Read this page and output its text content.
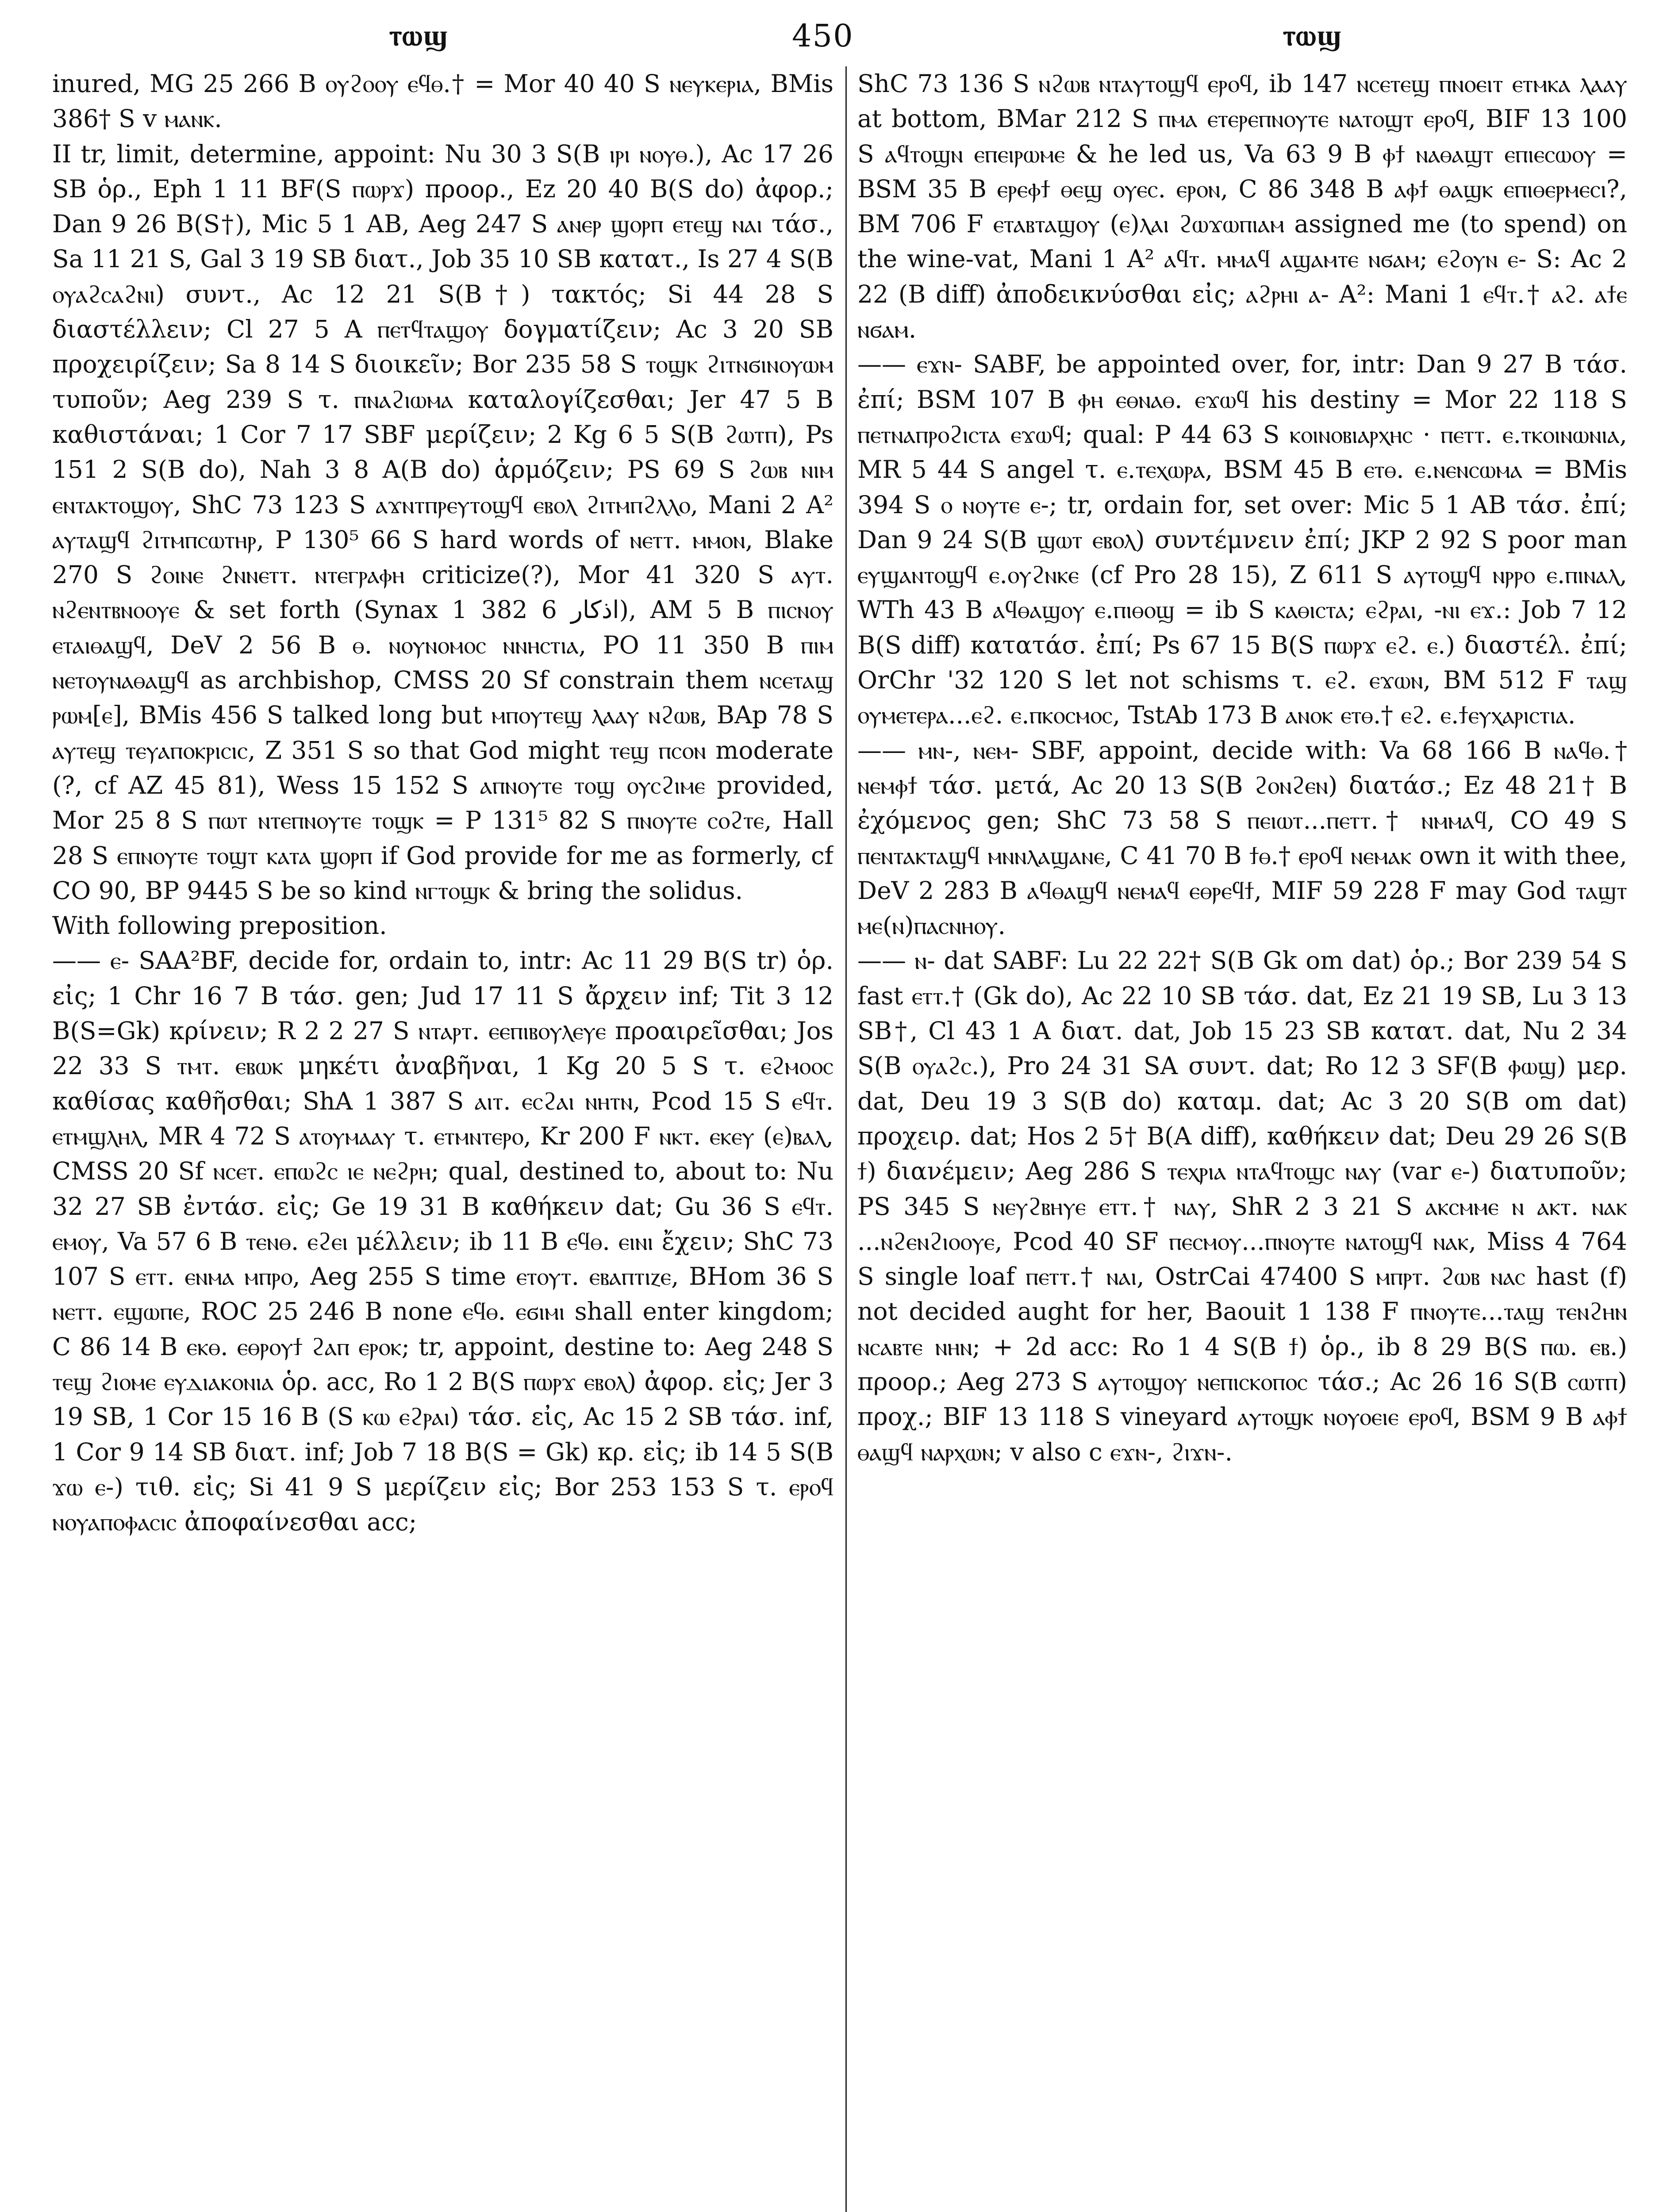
ⲧⲱϣ	450	ⲧⲱϣ

inured, MG 25 266 B ⲟⲩϩⲟⲟⲩ ⲉϥⲑ.† = Mor 40 40 S ⲛⲉⲩⲕⲉⲣⲓⲁ, BMis 386† S v ⲙⲁⲛⲕ.

II tr, limit, determine, appoint: Nu 30 3 S(B ⲓⲣⲓ ⲛⲟⲩⲑ.), Ac 17 26 SB ὁρ., Eph 1 11 BF(S ⲡⲱⲣϫ) προορ., Ez 20 40 B(S do) ἀφορ.; Dan 9 26 B(S†), Mic 5 1 AB, Aeg 247 S ⲁⲛⲉⲣ ϣⲟⲣⲡ ⲉⲧⲉϣ ⲛⲁⲓ τάσ., Sa 11 21 S, Gal 3 19 SB διατ., Job 35 10 SB κατατ., Is 27 4 S(B ⲟⲩⲁϩⲥⲁϩⲛⲓ) συντ., Ac 12 21 S(B†) τακτός; Si 44 28 S διαστέλλειν; Cl 27 5 A ⲡⲉⲧϥⲧⲁϣⲟⲩ δογματίζειν; Ac 3 20 SB προχειρίζειν; Sa 8 14 S διοικεῖν; Bor 235 58 S ⲧⲟϣⲕ ϩⲓⲧⲛϭⲓⲛⲟⲩⲱⲙ τυποῦν; Aeg 239 S τ. ⲡⲛⲁϩⲓⲱⲙⲁ καταλογίζεσθαι; Jer 47 5 B καθιστάναι; 1 Cor 7 17 SBF μερίζειν; 2 Kg 6 5 S(B ϩⲱⲧⲡ), Ps 151 2 S(B do), Nah 3 8 A(B do) ἁρμόζειν; PS 69 S ϩⲱⲃ ⲛⲓⲙ ⲉⲛⲧⲁⲕⲧⲟϣⲟⲩ, ShC 73 123 S ⲁϫⲛⲧⲡⲣⲉⲩⲧⲟϣϥ ⲉⲃⲟⲗ ϩⲓⲧⲙⲡϩⲗⲗⲟ, Mani 2 A² ⲁⲩⲧⲁϣϥ ϩⲓⲧⲙⲡⲥⲱⲧⲏⲣ, P 130⁵ 66 S hard words of ⲛⲉⲧⲧ. ⲙⲙⲟⲛ, Blake 270 S ϩⲟⲓⲛⲉ ϩⲛⲛⲉⲧⲧ. ⲛⲧⲉⲅⲣⲁⲫⲏ criticize(?), Mor 41 320 S ⲁⲩⲧ. ⲛϩⲉⲛⲧⲃⲛⲟⲟⲩⲉ & set forth (Synax 1 382 6 اذكار), AM 5 B ⲡⲓⲥⲛⲟⲩ ⲉⲧⲁⲓⲑⲁϣϥ, DeV 2 56 B ⲑ. ⲛⲟⲩⲛⲟⲙⲟⲥ ⲛⲛⲏⲥⲧⲓⲁ, PO 11 350 B ⲡⲓⲙ ⲛⲉⲧⲟⲩⲛⲁⲑⲁϣϥ as archbishop, CMSS 20 Sf constrain them ⲛⲥⲉⲧⲁϣ ⲣⲱⲙ[ⲉ], BMis 456 S talked long but ⲙⲡⲟⲩⲧⲉϣ ⲗⲁⲁⲩ ⲛϩⲱⲃ, BAp 78 S ⲁⲩⲧⲉϣ ⲧⲉⲩⲁⲡⲟⲕⲣⲓⲥⲓⲥ, Z 351 S so that God might ⲧⲉϣ ⲡⲥⲟⲛ moderate (?, cf AZ 45 81), Wess 15 152 S ⲁⲡⲛⲟⲩⲧⲉ ⲧⲟϣ ⲟⲩⲥϩⲓⲙⲉ provided, Mor 25 8 S ⲡⲱⲧ ⲛⲧⲉⲡⲛⲟⲩⲧⲉ ⲧⲟϣⲕ = P 131⁵ 82 S ⲡⲛⲟⲩⲧⲉ ⲥⲟϩⲧⲉ, Hall 28 S ⲉⲡⲛⲟⲩⲧⲉ ⲧⲟϣⲧ ⲕⲁⲧⲁ ϣⲟⲣⲡ if God provide for me as formerly, cf CO 90, BP 9445 S be so kind ⲛⲅⲧⲟϣⲕ & bring the solidus.

With following preposition.

—— ⲉ- SAA²BF, decide for, ordain to, intr: Ac 11 29 B(S tr) ὁρ. εἰς; 1 Chr 16 7 B τάσ. gen; Jud 17 11 S ἄρχειν inf; Tit 3 12 B(S=Gk) κρίνειν; R 2 2 27 S ⲛⲧⲁⲣⲧ. ⲉⲉⲡⲓⲃⲟⲩⲗⲉⲩⲉ προαιρεῖσθαι; Jos 22 33 S ⲧⲙⲧ. ⲉⲃⲱⲕ μηκέτι ἀναβῆναι, 1 Kg 20 5 S τ. ⲉϩⲙⲟⲟⲥ καθίσας καθῆσθαι; ShA 1 387 S ⲁⲓⲧ. ⲉⲥϩⲁⲓ ⲛⲏⲧⲛ, Pcod 15 S ⲉϥⲧ. ⲉⲧⲙϣⲗⲏⲗ, MR 4 72 S ⲁⲧⲟⲩⲙⲁⲁⲩ τ. ⲉⲧⲙⲛⲧⲉⲣⲟ, Kr 200 F ⲛⲕⲧ. ⲉⲕⲉⲩ (ⲉ)ⲃⲁⲗ, CMSS 20 Sf ⲛⲥⲉⲧ. ⲉⲡⲱϩⲥ ⲓⲉ ⲛⲉϩⲣⲏ; qual, destined to, about to: Nu 32 27 SB ἐντάσ. εἰς; Ge 19 31 B καθήκειν dat; Gu 36 S ⲉϥⲧ. ⲉⲙⲟⲩ, Va 57 6 B ⲧⲉⲛⲑ. ⲉϩⲉⲓ μέλλειν; ib 11 B ⲉϥⲑ. ⲉⲓⲛⲓ ἔχειν; ShC 73 107 S ⲉⲧⲧ. ⲉⲛⲙⲁ ⲙⲡⲣⲟ, Aeg 255 S time ⲉⲧⲟⲩⲧ. ⲉⲃⲁⲡⲧⲓⲍⲉ, BHom 36 S ⲛⲉⲧⲧ. ⲉϣⲱⲡⲉ, ROC 25 246 B none ⲉϥⲑ. ⲉϭⲓⲙⲓ shall enter kingdom; C 86 14 B ⲉⲕⲑ. ⲉⲑⲣⲟⲩϯ ϩⲁⲡ ⲉⲣⲟⲕ; tr, appoint, destine to: Aeg 248 S ⲧⲉϣ ϩⲓⲟⲙⲉ ⲉⲩⲇⲓⲁⲕⲟⲛⲓⲁ ὁρ. acc, Ro 1 2 B(S ⲡⲱⲣϫ ⲉⲃⲟⲗ) ἀφορ. εἰς; Jer 3 19 SB, 1 Cor 15 16 B (S ⲕⲱ ⲉϩⲣⲁⲓ) τάσ. εἰς, Ac 15 2 SB τάσ. inf, 1 Cor 9 14 SB διατ. inf; Job 7 18 B(S = Gk) κρ. εἰς; ib 14 5 S(B ϫⲱ ⲉ-) τιθ. εἰς; Si 41 9 S μερίζειν εἰς; Bor 253 153 S τ. ⲉⲣⲟϥ ⲛⲟⲩⲁⲡⲟⲫⲁⲥⲓⲥ ἀποφαίνεσθαι acc;

ShC 73 136 S ⲛϩⲱⲃ ⲛⲧⲁⲩⲧⲟϣϥ ⲉⲣⲟϥ, ib 147 ⲛⲥⲉⲧⲉϣ ⲡⲛⲟⲉⲓⲧ ⲉⲧⲙⲕⲁ ⲗⲁⲁⲩ at bottom, BMar 212 S ⲡⲙⲁ ⲉⲧⲉⲣⲉⲡⲛⲟⲩⲧⲉ ⲛⲁⲧⲟϣⲧ ⲉⲣⲟϥ, BIF 13 100 S ⲁϥⲧⲟϣⲛ ⲉⲡⲉⲓⲣⲱⲙⲉ & he led us, Va 63 9 B ⲫϯ ⲛⲁⲑⲁϣⲧ ⲉⲡⲓⲉⲥⲱⲟⲩ = BSM 35 B ⲉⲣⲉⲫϯ ⲑⲉϣ ⲟⲩⲉⲥ. ⲉⲣⲟⲛ, C 86 348 B ⲁⲫϯ ⲑⲁϣⲕ ⲉⲡⲓⲑⲉⲣⲙⲉⲥⲓ?, BM 706 F ⲉⲧⲁⲃⲧⲁϣⲟⲩ (ⲉ)ⲗⲁⲓ ϩⲱϫⲱⲡⲓⲁⲙ assigned me (to spend) on the wine-vat, Mani 1 A² ⲁϥⲧ. ⲙⲙⲁϥ ⲁϣⲁⲙⲧⲉ ⲛϭⲁⲙ; ⲉϩⲟⲩⲛ ⲉ- S: Ac 2 22 (B diff) ἀποδεικνύσθαι εἰς; ⲁϩⲣⲏⲓ ⲁ- A²: Mani 1 ⲉϥⲧ.† ⲁϩ. ⲁϯⲉ ⲛϭⲁⲙ.

—— ⲉϫⲛ- SABF, be appointed over, for, intr: Dan 9 27 B τάσ. ἐπί; BSM 107 B ⲫⲏ ⲉⲑⲛⲁⲑ. ⲉϫⲱϥ his destiny = Mor 22 118 S ⲡⲉⲧⲛⲁⲡⲣⲟϩⲓⲥⲧⲁ ⲉϫⲱϥ; qual: P 44 63 S ⲕⲟⲓⲛⲟⲃⲓⲁⲣⲭⲏⲥ · ⲡⲉⲧⲧ. ⲉ.ⲧⲕⲟⲓⲛⲱⲛⲓⲁ, MR 5 44 S angel τ. ⲉ.ⲧⲉⲭⲱⲣⲁ, BSM 45 B ⲉⲧⲑ. ⲉ.ⲛⲉⲛⲥⲱⲙⲁ = BMis 394 S ⲟ ⲛⲟⲩⲧⲉ ⲉ-; tr, ordain for, set over: Mic 5 1 AB τάσ. ἐπί; Dan 9 24 S(B ϣⲱⲧ ⲉⲃⲟⲗ) συντέμνειν ἐπί; JKP 2 92 S poor man ⲉⲩϣⲁⲛⲧⲟϣϥ ⲉ.ⲟⲩϩⲛⲕⲉ (cf Pro 28 15), Z 611 S ⲁⲩⲧⲟϣϥ ⲛⲣⲣⲟ ⲉ.ⲡⲓⲛⲁⲗ, WTh 43 B ⲁϥⲑⲁϣⲟⲩ ⲉ.ⲡⲓⲑⲟϣ = ib S ⲕⲁⲑⲓⲥⲧⲁ; ⲉϩⲣⲁⲓ, -ⲛⲓ ⲉϫ.: Job 7 12 B(S diff) κατατάσ. ἐπί; Ps 67 15 B(S ⲡⲱⲣϫ ⲉϩ. ⲉ.) διαστέλ. ἐπί; OrChr '32 120 S let not schisms τ. ⲉϩ. ⲉϫⲱⲛ, BM 512 F ⲧⲁϣ ⲟⲩⲙⲉⲧⲉⲣⲁ...ⲉϩ. ⲉ.ⲡⲕⲟⲥⲙⲟⲥ, TstAb 173 B ⲁⲛⲟⲕ ⲉⲧⲑ.† ⲉϩ. ⲉ.ϯⲉⲩⲭⲁⲣⲓⲥⲧⲓⲁ.

—— ⲙⲛ-, ⲛⲉⲙ- SBF, appoint, decide with: Va 68 166 B ⲛⲁϥⲑ.† ⲛⲉⲙⲫϯ τάσ. μετά, Ac 20 13 S(B ϩⲟⲛϩⲉⲛ) διατάσ.; Ez 48 21† B ἐχόμενος gen; ShC 73 58 S ⲡⲉⲓⲱⲧ...ⲡⲉⲧⲧ.† ⲛⲙⲙⲁϥ, CO 49 S ⲡⲉⲛⲧⲁⲕⲧⲁϣϥ ⲙⲛⲛⲗⲁϣⲁⲛⲉ, C 41 70 B ϯⲑ.† ⲉⲣⲟϥ ⲛⲉⲙⲁⲕ own it with thee, DeV 2 283 B ⲁϥⲑⲁϣϥ ⲛⲉⲙⲁϥ ⲉⲑⲣⲉϥϯ, MIF 59 228 F may God ⲧⲁϣⲧ ⲙⲉ(ⲛ)ⲡⲁⲥⲛⲏⲟⲩ.

—— ⲛ- dat SABF: Lu 22 22† S(B Gk om dat) ὁρ.; Bor 239 54 S fast ⲉⲧⲧ.† (Gk do), Ac 22 10 SB τάσ. dat, Ez 21 19 SB, Lu 3 13 SB†, Cl 43 1 A διατ. dat, Job 15 23 SB κατατ. dat, Nu 2 34 S(B ⲟⲩⲁϩⲥ.), Pro 24 31 SA συντ. dat; Ro 12 3 SF(B ⲫⲱϣ) μερ. dat, Deu 19 3 S(B do) καταμ. dat; Ac 3 20 S(B om dat) προχειρ. dat; Hos 2 5† B(A diff), καθήκειν dat; Deu 29 26 S(B ϯ) διανέμειν; Aeg 286 S ⲧⲉⲭⲣⲓⲁ ⲛⲧⲁϥⲧⲟϣⲥ ⲛⲁⲩ (var ⲉ-) διατυποῦν; PS 345 S ⲛⲉⲩϩⲃⲏⲩⲉ ⲉⲧⲧ.† ⲛⲁⲩ, ShR 2 3 21 S ⲁⲕⲥⲙⲙⲉ ⲛ ⲁⲕⲧ. ⲛⲁⲕ ...ⲛϩⲉⲛϩⲓⲟⲟⲩⲉ, Pcod 40 SF ⲡⲉⲥⲙⲟⲩ...ⲡⲛⲟⲩⲧⲉ ⲛⲁⲧⲟϣϥ ⲛⲁⲕ, Miss 4 764 S single loaf ⲡⲉⲧⲧ.† ⲛⲁⲓ, OstrCai 47400 S ⲙⲡⲣⲧ. ϩⲱⲃ ⲛⲁⲥ hast (f) not decided aught for her, Baouit 1 138 F ⲡⲛⲟⲩⲧⲉ...ⲧⲁϣ ⲧⲉⲛϩⲏⲛ ⲛⲥⲁⲃⲧⲉ ⲛⲏⲛ; + 2d acc: Ro 1 4 S(B ϯ) ὁρ., ib 8 29 B(S ⲡⲱ. ⲉⲃ.) προορ.; Aeg 273 S ⲁⲩⲧⲟϣⲟⲩ ⲛⲉⲡⲓⲥⲕⲟⲡⲟⲥ τάσ.; Ac 26 16 S(B ⲥⲱⲧⲡ) προχ.; BIF 13 118 S vineyard ⲁⲩⲧⲟϣⲕ ⲛⲟⲩⲟⲉⲓⲉ ⲉⲣⲟϥ, BSM 9 B ⲁⲫϯ ⲑⲁϣϥ ⲛⲁⲣⲭⲱⲛ; v also c ⲉϫⲛ-, ϩⲓϫⲛ-.
